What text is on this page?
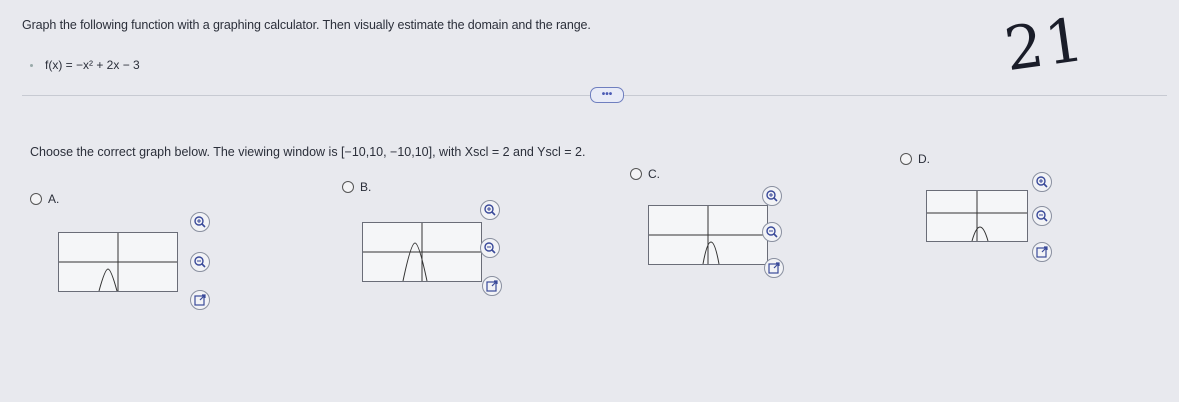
Graph the following function with a graphing calculator. Then visually estimate the domain and the range.
f(x) = −x² + 2x − 3
•••
21
Choose the correct graph below. The viewing window is [−10,10, −10,10], with Xscl = 2 and Yscl = 2.
A.
B.
C.
D.
